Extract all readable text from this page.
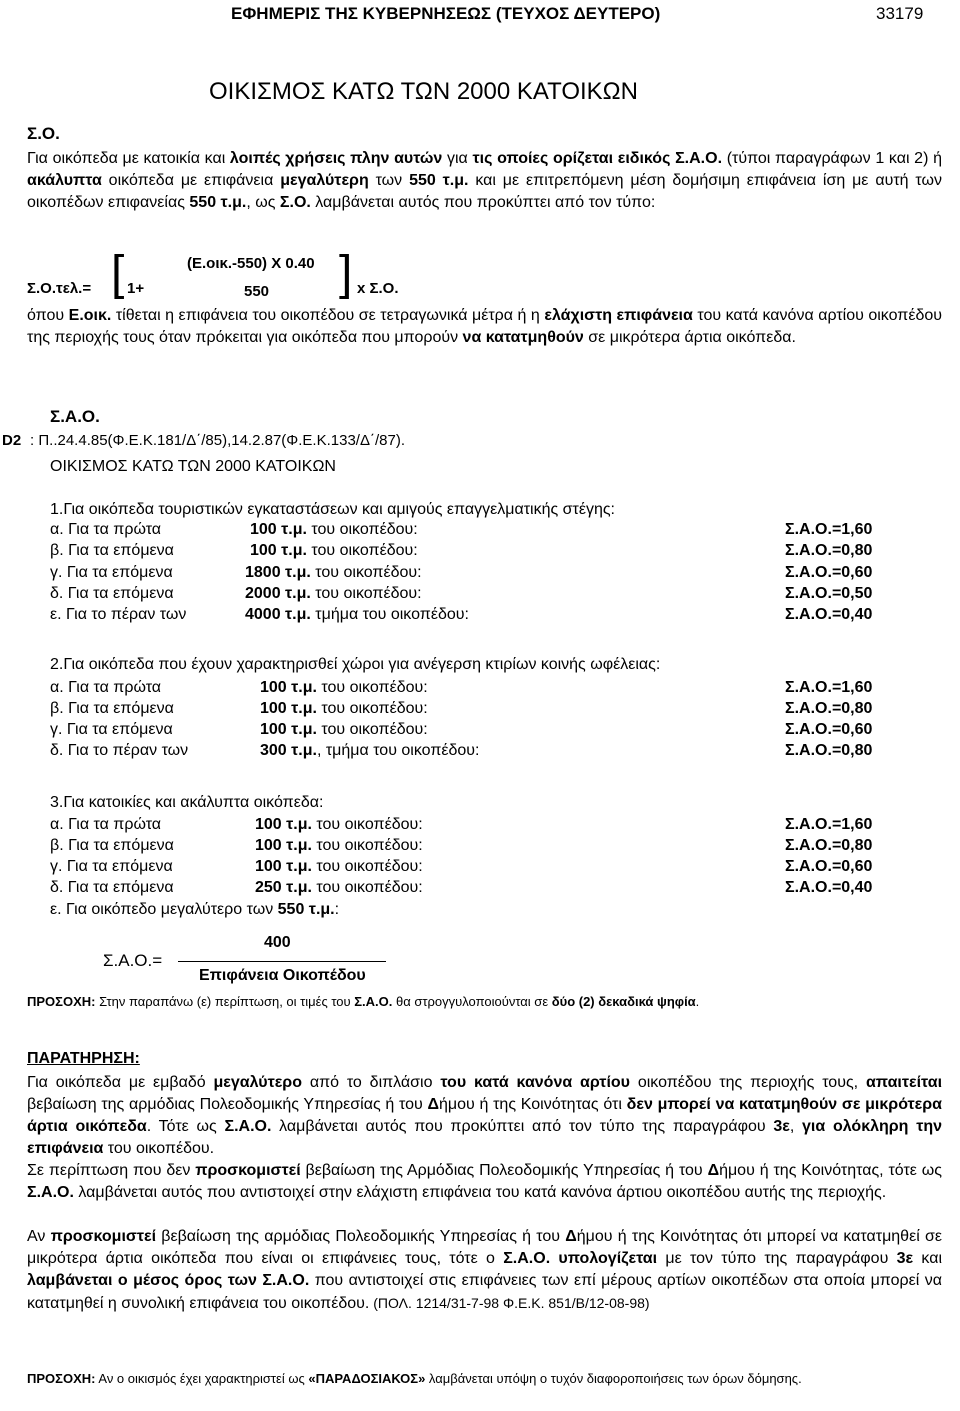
ΕΦΗΜΕΡΙΣ ΤΗΣ ΚΥΒΕΡΝΗΣΕΩΣ (ΤΕΥΧΟΣ ΔΕΥΤΕΡΟ)	33179
ΟΙΚΙΣΜΟΣ ΚΑΤΩ ΤΩΝ 2000 ΚΑΤΟΙΚΩΝ
Σ.Ο.
Για οικόπεδα με κατοικία και λοιπές χρήσεις πλην αυτών για τις οποίες ορίζεται ειδικός Σ.Α.Ο. (τύποι παραγράφων 1 και 2) ή ακάλυπτα οικόπεδα με επιφάνεια μεγαλύτερη των 550 τ.μ. και με επιτρεπόμενη μέση δομήσιμη επιφάνεια ίση με αυτή των οικοπέδων επιφανείας 550 τ.μ., ως Σ.Ο. λαμβάνεται αυτός που προκύπτει από τον τύπο:
Σ.Ο.τελ.= [ 1+
(Ε.οικ.-550) Χ 0.40
550 ] x Σ.Ο.
όπου Ε.οικ. τίθεται η επιφάνεια του οικοπέδου σε τετραγωνικά μέτρα ή η ελάχιστη επιφάνεια του κατά κανόνα αρτίου οικοπέδου της περιοχής τους όταν πρόκειται για οικόπεδα που μπορούν να κατατμηθούν σε μικρότερα άρτια οικόπεδα.
Σ.Α.Ο.
D2 : Π..24.4.85(Φ.Ε.Κ.181/Δ΄/85),14.2.87(Φ.Ε.Κ.133/Δ΄/87).
ΟΙΚΙΣΜΟΣ ΚΑΤΩ ΤΩΝ 2000 ΚΑΤΟΙΚΩΝ
1.Για οικόπεδα τουριστικών εγκαταστάσεων και αμιγούς επαγγελματικής στέγης:
α. Για τα πρώτα	100 τ.μ. του οικοπέδου:	Σ.Α.Ο.=1,60
β. Για τα επόμενα	100 τ.μ. του οικοπέδου:	Σ.Α.Ο.=0,80
γ. Για τα επόμενα	1800 τ.μ. του οικοπέδου:	Σ.Α.Ο.=0,60
δ. Για τα επόμενα	2000 τ.μ. του οικοπέδου:	Σ.Α.Ο.=0,50
ε. Για το πέραν των	4000 τ.μ. τμήμα του οικοπέδου:	Σ.Α.Ο.=0,40
2.Για οικόπεδα που έχουν χαρακτηρισθεί χώροι για ανέγερση κτιρίων κοινής ωφέλειας:
α. Για τα πρώτα	100 τ.μ. του οικοπέδου:	Σ.Α.Ο.=1,60
β. Για τα επόμενα	100 τ.μ. του οικοπέδου:	Σ.Α.Ο.=0,80
γ. Για τα επόμενα	100 τ.μ. του οικοπέδου:	Σ.Α.Ο.=0,60
δ. Για το πέραν των	300 τ.μ., τμήμα του οικοπέδου:	Σ.Α.Ο.=0,80
3.Για κατοικίες και ακάλυπτα οικόπεδα:
α. Για τα πρώτα	100 τ.μ. του οικοπέδου:	Σ.Α.Ο.=1,60
β. Για τα επόμενα	100 τ.μ. του οικοπέδου:	Σ.Α.Ο.=0,80
γ. Για τα επόμενα	100 τ.μ. του οικοπέδου:	Σ.Α.Ο.=0,60
δ. Για τα επόμενα	250 τ.μ. του οικοπέδου:	Σ.Α.Ο.=0,40
ε. Για οικόπεδο μεγαλύτερο των 550 τ.μ.:
400
Σ.Α.Ο.=
Επιφάνεια Οικοπέδου
ΠΡΟΣΟΧΗ: Στην παραπάνω (ε) περίπτωση, οι τιμές του Σ.Α.Ο. θα στρογγυλοποιούνται σε δύο (2) δεκαδικά ψηφία.
ΠΑΡΑΤΗΡΗΣΗ:
Για οικόπεδα με εμβαδό μεγαλύτερο από το διπλάσιο του κατά κανόνα αρτίου οικοπέδου της περιοχής τους, απαιτείται βεβαίωση της αρμόδιας Πολεοδομικής Υπηρεσίας ή του Δήμου ή της Κοινότητας ότι δεν μπορεί να κατατμηθούν σε μικρότερα άρτια οικόπεδα. Τότε ως Σ.Α.Ο. λαμβάνεται αυτός που προκύπτει από τον τύπο της παραγράφου 3ε, για ολόκληρη την επιφάνεια του οικοπέδου.
Σε περίπτωση που δεν προσκομιστεί βεβαίωση της Αρμόδιας Πολεοδομικής Υπηρεσίας ή του Δήμου ή της Κοινότητας, τότε ως Σ.Α.Ο. λαμβάνεται αυτός που αντιστοιχεί στην ελάχιστη επιφάνεια του κατά κανόνα άρτιου οικοπέδου αυτής της περιοχής.
Αν προσκομιστεί βεβαίωση της αρμόδιας Πολεοδομικής Υπηρεσίας ή του Δήμου ή της Κοινότητας ότι μπορεί να κατατμηθεί σε μικρότερα άρτια οικόπεδα που είναι οι επιφάνειες τους, τότε ο Σ.Α.Ο. υπολογίζεται με τον τύπο της παραγράφου 3ε και λαμβάνεται ο μέσος όρος των Σ.Α.Ο. που αντιστοιχεί στις επιφάνειες των επί μέρους αρτίων οικοπέδων στα οποία μπορεί να κατατμηθεί η συνολική επιφάνεια του οικοπέδου. (ΠΟΛ. 1214/31-7-98 Φ.Ε.Κ. 851/Β/12-08-98)
ΠΡΟΣΟΧΗ: Αν ο οικισμός έχει χαρακτηριστεί ως «ΠΑΡΑΔΟΣΙΑΚΟΣ» λαμβάνεται υπόψη ο τυχόν διαφοροποιήσεις των όρων δόμησης.
